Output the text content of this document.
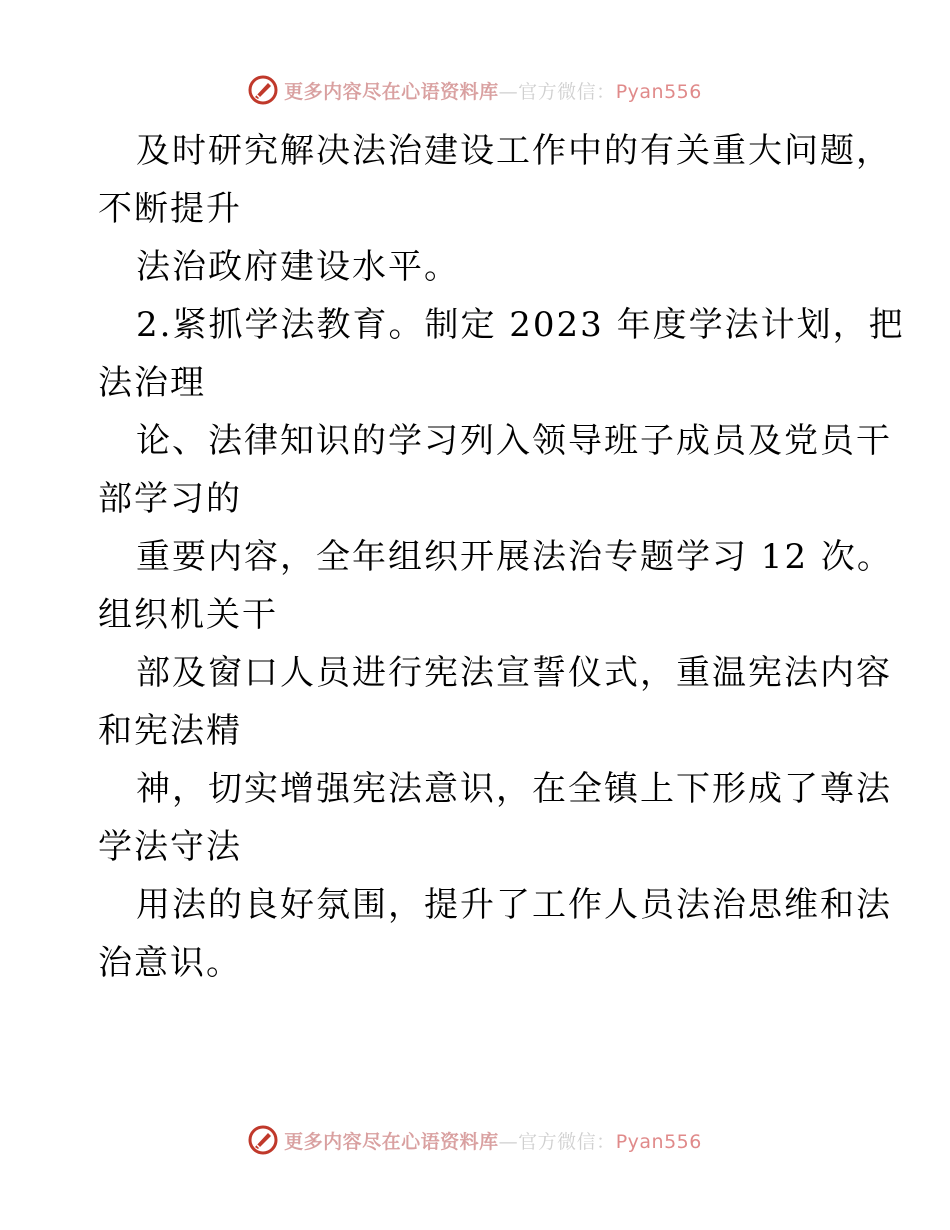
更多内容尽在心语资料库—官方微信：Pyan556
及时研究解决法治建设工作中的有关重大问题，
不断提升
法治政府建设水平。
2.紧抓学法教育。制定 2023 年度学法计划，把
法治理
论、法律知识的学习列入领导班子成员及党员干
部学习的
重要内容，全年组织开展法治专题学习 12 次。
组织机关干
部及窗口人员进行宪法宣誓仪式，重温宪法内容
和宪法精
神，切实增强宪法意识，在全镇上下形成了尊法
学法守法
用法的良好氛围，提升了工作人员法治思维和法
治意识。
更多内容尽在心语资料库—官方微信：Pyan556
